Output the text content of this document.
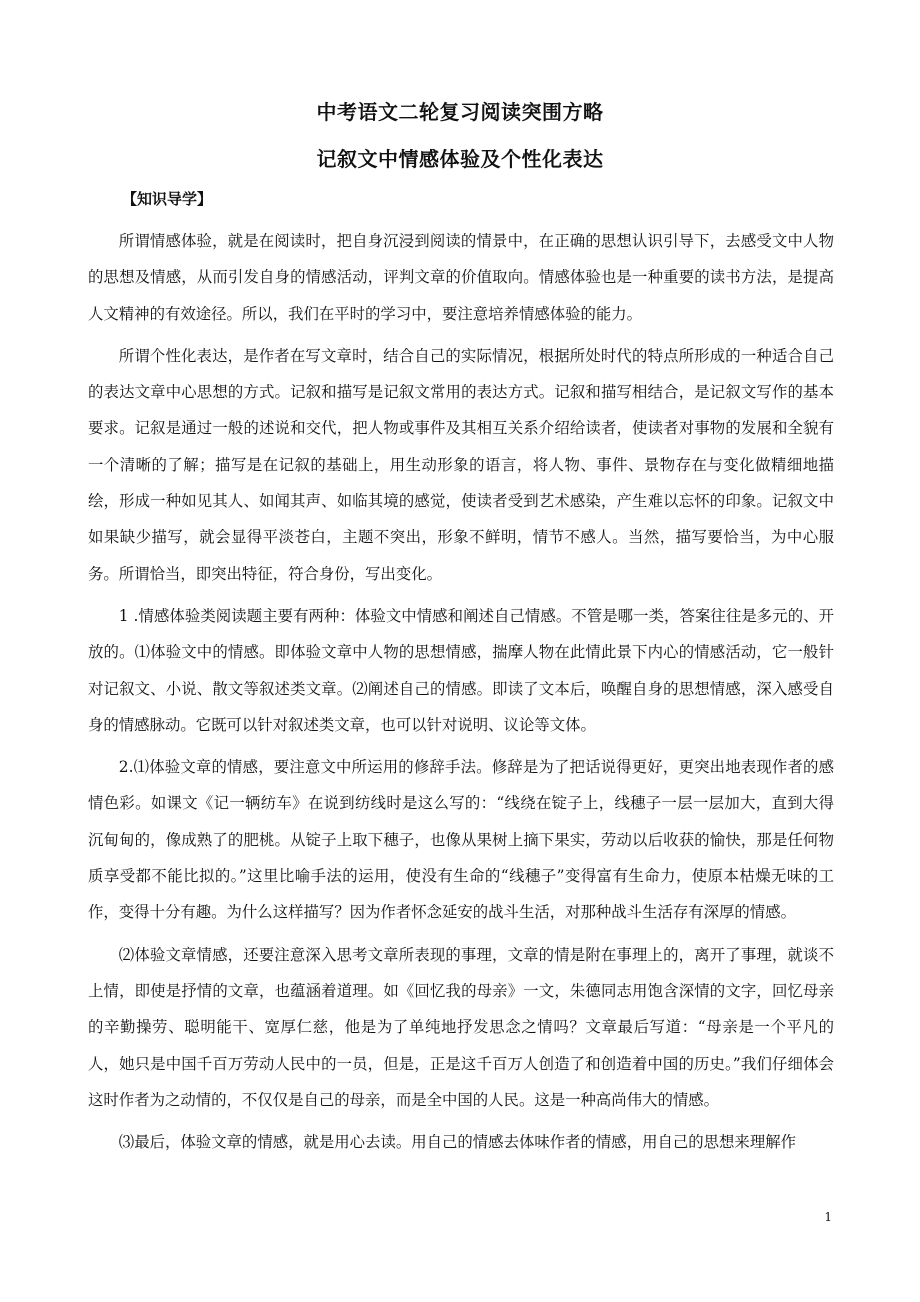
中考语文二轮复习阅读突围方略
记叙文中情感体验及个性化表达

【知识导学】

所谓情感体验，就是在阅读时，把自身沉浸到阅读的情景中，在正确的思想认识引导下，去感受文中人物的思想及情感，从而引发自身的情感活动，评判文章的价值取向。情感体验也是一种重要的读书方法，是提高人文精神的有效途径。所以，我们在平时的学习中，要注意培养情感体验的能力。

所谓个性化表达，是作者在写文章时，结合自己的实际情况，根据所处时代的特点所形成的一种适合自己的表达文章中心思想的方式。记叙和描写是记叙文常用的表达方式。记叙和描写相结合，是记叙文写作的基本要求。记叙是通过一般的述说和交代，把人物或事件及其相互关系介绍给读者，使读者对事物的发展和全貌有一个清晰的了解；描写是在记叙的基础上，用生动形象的语言，将人物、事件、景物存在与变化做精细地描绘，形成一种如见其人、如闻其声、如临其境的感觉，使读者受到艺术感染，产生难以忘怀的印象。记叙文中如果缺少描写，就会显得平淡苍白，主题不突出，形象不鲜明，情节不感人。当然，描写要恰当，为中心服务。所谓恰当，即突出特征，符合身份，写出变化。

1 .情感体验类阅读题主要有两种：体验文中情感和阐述自己情感。不管是哪一类，答案往往是多元的、开放的。⑴体验文中的情感。即体验文章中人物的思想情感，揣摩人物在此情此景下内心的情感活动，它一般针对记叙文、小说、散文等叙述类文章。⑵阐述自己的情感。即读了文本后，唤醒自身的思想情感，深入感受自身的情感脉动。它既可以针对叙述类文章，也可以针对说明、议论等文体。

2.⑴体验文章的情感，要注意文中所运用的修辞手法。修辞是为了把话说得更好，更突出地表现作者的感情色彩。如课文《记一辆纺车》在说到纺线时是这么写的：“线绕在锭子上，线穗子一层一层加大，直到大得沉甸甸的，像成熟了的肥桃。从锭子上取下穗子，也像从果树上摘下果实，劳动以后收获的愉快，那是任何物质享受都不能比拟的。”这里比喻手法的运用，使没有生命的“线穗子”变得富有生命力，使原本枯燥无味的工作，变得十分有趣。为什么这样描写？因为作者怀念延安的战斗生活，对那种战斗生活存有深厚的情感。

⑵体验文章情感，还要注意深入思考文章所表现的事理，文章的情是附在事理上的，离开了事理，就谈不上情，即使是抒情的文章，也蕴涵着道理。如《回忆我的母亲》一文，朱德同志用饱含深情的文字，回忆母亲的辛勤操劳、聪明能干、宽厚仁慈，他是为了单纯地抒发思念之情吗？文章最后写道：“母亲是一个平凡的人，她只是中国千百万劳动人民中的一员，但是，正是这千百万人创造了和创造着中国的历史。”我们仔细体会这时作者为之动情的，不仅仅是自己的母亲，而是全中国的人民。这是一种高尚伟大的情感。

⑶最后，体验文章的情感，就是用心去读。用自己的情感去体味作者的情感，用自己的思想来理解作

1
